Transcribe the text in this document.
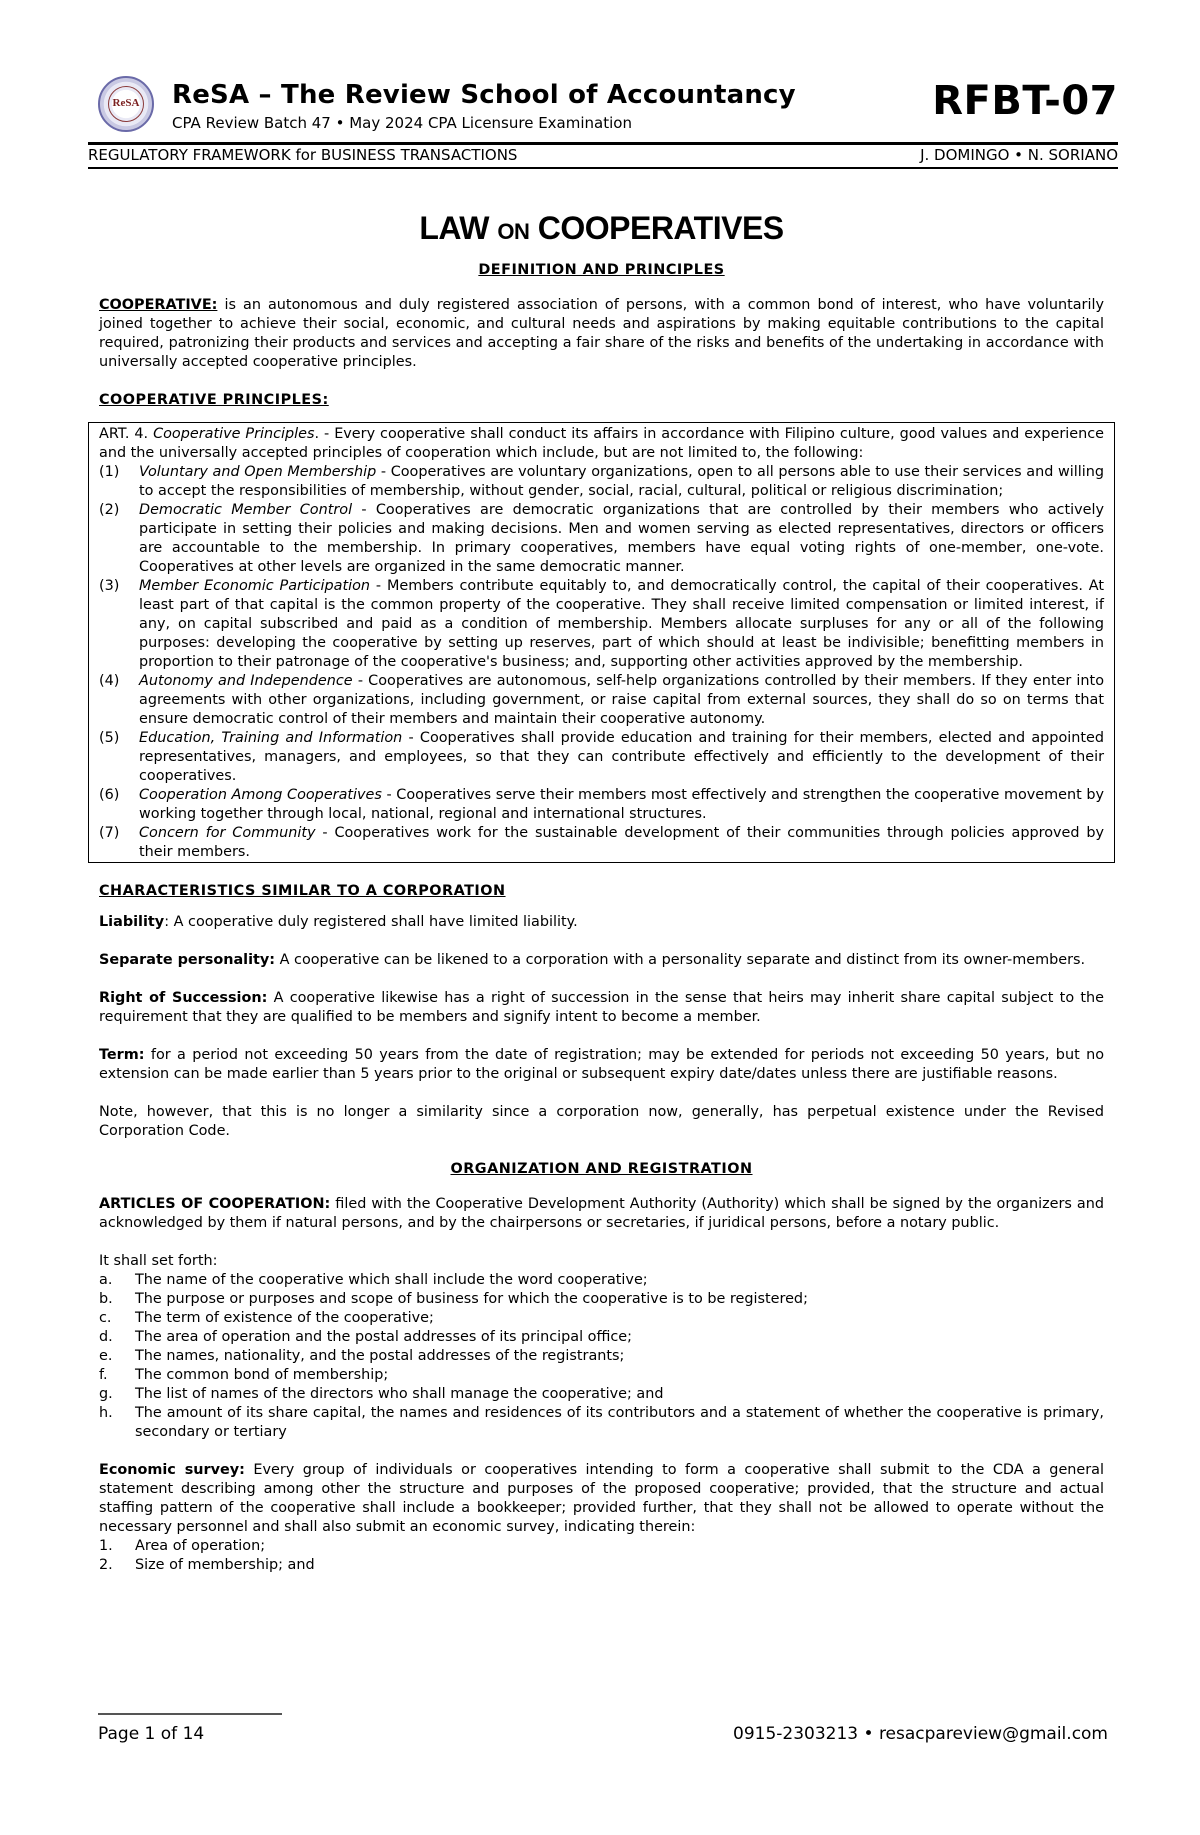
ReSA	ReSA – The Review School of Accountancy
CPA Review Batch 47 • May 2024 CPA Licensure Examination	RFBT-07
REGULATORY FRAMEWORK for BUSINESS TRANSACTIONS	J. DOMINGO • N. SORIANO
LAW ON COOPERATIVES
DEFINITION AND PRINCIPLES

COOPERATIVE: is an autonomous and duly registered association of persons, with a common bond of interest, who have voluntarily joined together to achieve their social, economic, and cultural needs and aspirations by making equitable contributions to the capital required, patronizing their products and services and accepting a fair share of the risks and benefits of the undertaking in accordance with universally accepted cooperative principles.

COOPERATIVE PRINCIPLES:

ART. 4. Cooperative Principles. - Every cooperative shall conduct its affairs in accordance with Filipino culture, good values and experience and the universally accepted principles of cooperation which include, but are not limited to, the following:

(1)	Voluntary and Open Membership - Cooperatives are voluntary organizations, open to all persons able to use their services and willing to accept the responsibilities of membership, without gender, social, racial, cultural, political or religious discrimination;
(2)	Democratic Member Control - Cooperatives are democratic organizations that are controlled by their members who actively participate in setting their policies and making decisions. Men and women serving as elected representatives, directors or officers are accountable to the membership. In primary cooperatives, members have equal voting rights of one-member, one-vote. Cooperatives at other levels are organized in the same democratic manner.
(3)	Member Economic Participation - Members contribute equitably to, and democratically control, the capital of their cooperatives. At least part of that capital is the common property of the cooperative. They shall receive limited compensation or limited interest, if any, on capital subscribed and paid as a condition of membership. Members allocate surpluses for any or all of the following purposes: developing the cooperative by setting up reserves, part of which should at least be indivisible; benefitting members in proportion to their patronage of the cooperative's business; and, supporting other activities approved by the membership.
(4)	Autonomy and Independence - Cooperatives are autonomous, self-help organizations controlled by their members. If they enter into agreements with other organizations, including government, or raise capital from external sources, they shall do so on terms that ensure democratic control of their members and maintain their cooperative autonomy.
(5)	Education, Training and Information - Cooperatives shall provide education and training for their members, elected and appointed representatives, managers, and employees, so that they can contribute effectively and efficiently to the development of their cooperatives.
(6)	Cooperation Among Cooperatives - Cooperatives serve their members most effectively and strengthen the cooperative movement by working together through local, national, regional and international structures.
(7)	Concern for Community - Cooperatives work for the sustainable development of their communities through policies approved by their members.
CHARACTERISTICS SIMILAR TO A CORPORATION

Liability: A cooperative duly registered shall have limited liability.

Separate personality: A cooperative can be likened to a corporation with a personality separate and distinct from its owner-members.

Right of Succession: A cooperative likewise has a right of succession in the sense that heirs may inherit share capital subject to the requirement that they are qualified to be members and signify intent to become a member.

Term: for a period not exceeding 50 years from the date of registration; may be extended for periods not exceeding 50 years, but no extension can be made earlier than 5 years prior to the original or subsequent expiry date/dates unless there are justifiable reasons.

Note, however, that this is no longer a similarity since a corporation now, generally, has perpetual existence under the Revised Corporation Code.

ORGANIZATION AND REGISTRATION

ARTICLES OF COOPERATION: filed with the Cooperative Development Authority (Authority) which shall be signed by the organizers and acknowledged by them if natural persons, and by the chairpersons or secretaries, if juridical persons, before a notary public.

It shall set forth:
a.	The name of the cooperative which shall include the word cooperative;
b.	The purpose or purposes and scope of business for which the cooperative is to be registered;
c.	The term of existence of the cooperative;
d.	The area of operation and the postal addresses of its principal office;
e.	The names, nationality, and the postal addresses of the registrants;
f.	The common bond of membership;
g.	The list of names of the directors who shall manage the cooperative; and
h.	The amount of its share capital, the names and residences of its contributors and a statement of whether the cooperative is primary, secondary or tertiary

Economic survey: Every group of individuals or cooperatives intending to form a cooperative shall submit to the CDA a general statement describing among other the structure and purposes of the proposed cooperative; provided, that the structure and actual staffing pattern of the cooperative shall include a bookkeeper; provided further, that they shall not be allowed to operate without the necessary personnel and shall also submit an economic survey, indicating therein:

1.	Area of operation;
2.	Size of membership; and
Page 1 of 14	0915-2303213 • resacpareview@gmail.com
